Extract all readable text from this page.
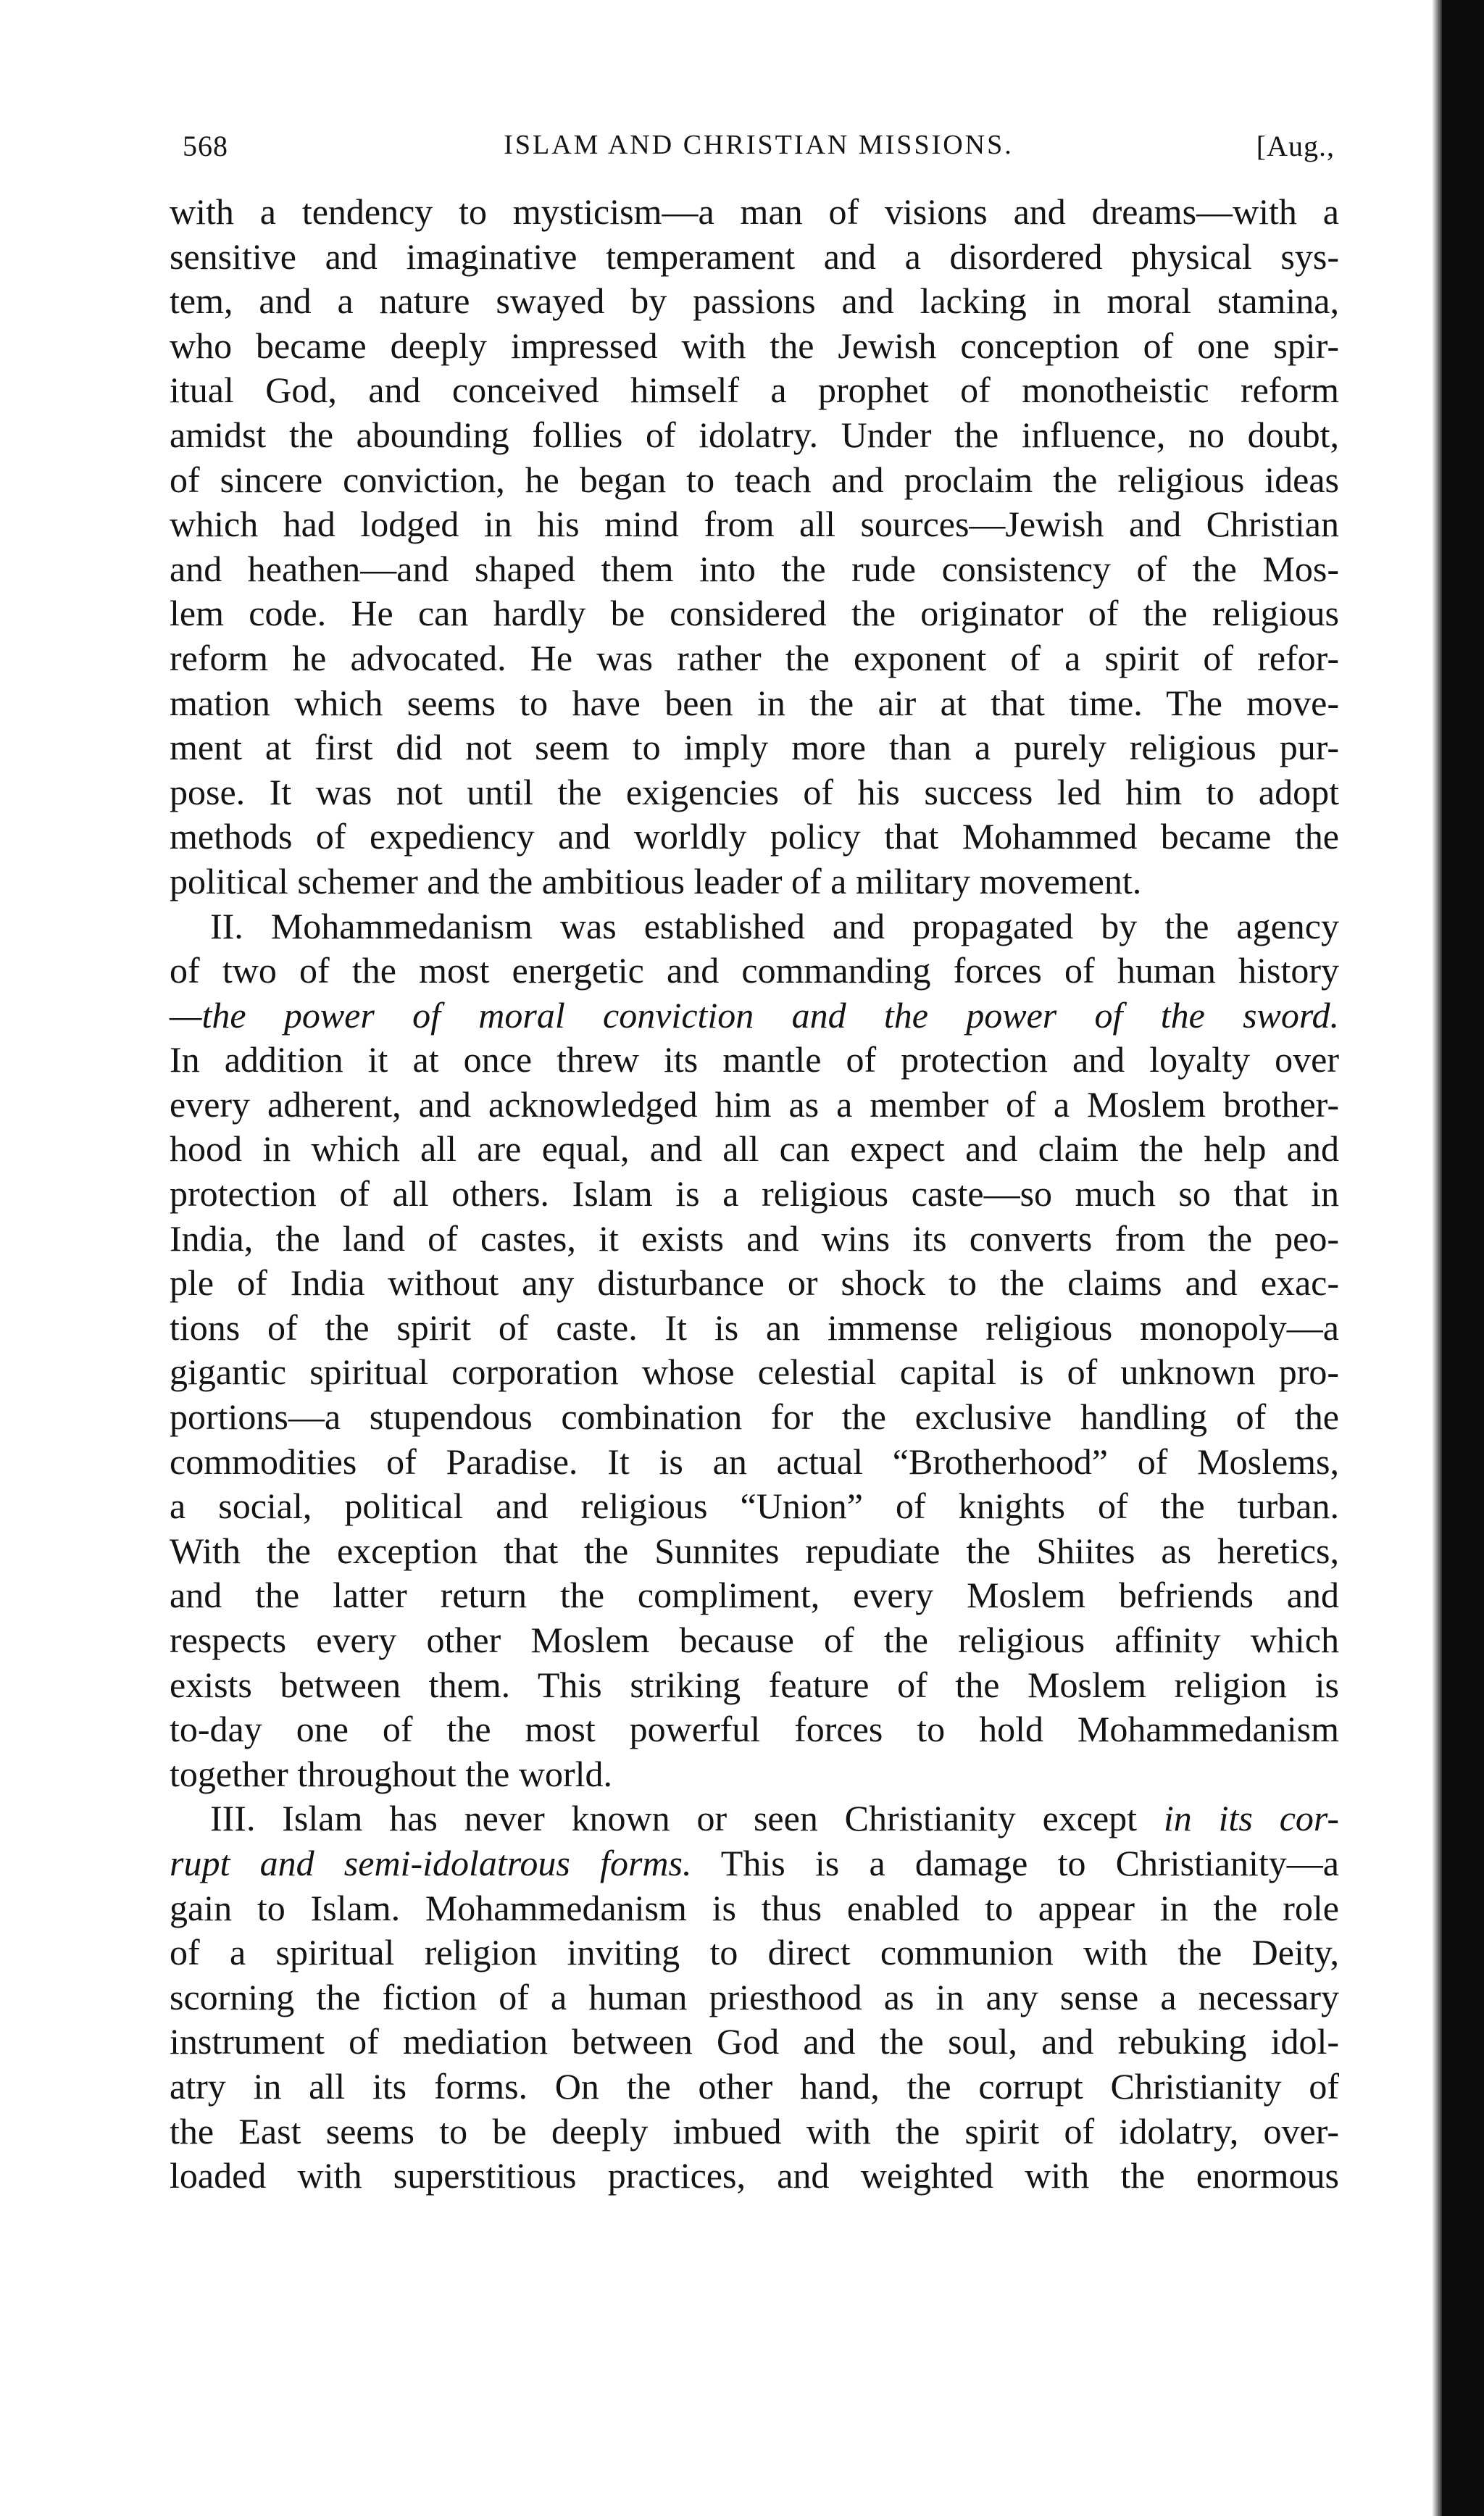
568	ISLAM AND CHRISTIAN MISSIONS.	[Aug.,
with a tendency to mysticism—a man of visions and dreams—with a
sensitive and imaginative temperament and a disordered physical sys-
tem, and a nature swayed by passions and lacking in moral stamina,
who became deeply impressed with the Jewish conception of one spir-
itual God, and conceived himself a prophet of monotheistic reform
amidst the abounding follies of idolatry. Under the influence, no doubt,
of sincere conviction, he began to teach and proclaim the religious ideas
which had lodged in his mind from all sources—Jewish and Christian
and heathen—and shaped them into the rude consistency of the Mos-
lem code. He can hardly be considered the originator of the religious
reform he advocated. He was rather the exponent of a spirit of refor-
mation which seems to have been in the air at that time. The move-
ment at first did not seem to imply more than a purely religious pur-
pose. It was not until the exigencies of his success led him to adopt
methods of expediency and worldly policy that Mohammed became the
political schemer and the ambitious leader of a military movement.
II. Mohammedanism was established and propagated by the agency
of two of the most energetic and commanding forces of human history
—the power of moral conviction and the power of the sword.
In addition it at once threw its mantle of protection and loyalty over
every adherent, and acknowledged him as a member of a Moslem brother-
hood in which all are equal, and all can expect and claim the help and
protection of all others. Islam is a religious caste—so much so that in
India, the land of castes, it exists and wins its converts from the peo-
ple of India without any disturbance or shock to the claims and exac-
tions of the spirit of caste. It is an immense religious monopoly—a
gigantic spiritual corporation whose celestial capital is of unknown pro-
portions—a stupendous combination for the exclusive handling of the
commodities of Paradise. It is an actual “Brotherhood” of Moslems,
a social, political and religious “Union” of knights of the turban.
With the exception that the Sunnites repudiate the Shiites as heretics,
and the latter return the compliment, every Moslem befriends and
respects every other Moslem because of the religious affinity which
exists between them. This striking feature of the Moslem religion is
to-day one of the most powerful forces to hold Mohammedanism
together throughout the world.
III. Islam has never known or seen Christianity except in its cor-
rupt and semi-idolatrous forms. This is a damage to Christianity—a
gain to Islam. Mohammedanism is thus enabled to appear in the role
of a spiritual religion inviting to direct communion with the Deity,
scorning the fiction of a human priesthood as in any sense a necessary
instrument of mediation between God and the soul, and rebuking idol-
atry in all its forms. On the other hand, the corrupt Christianity of
the East seems to be deeply imbued with the spirit of idolatry, over-
loaded with superstitious practices, and weighted with the enormous
